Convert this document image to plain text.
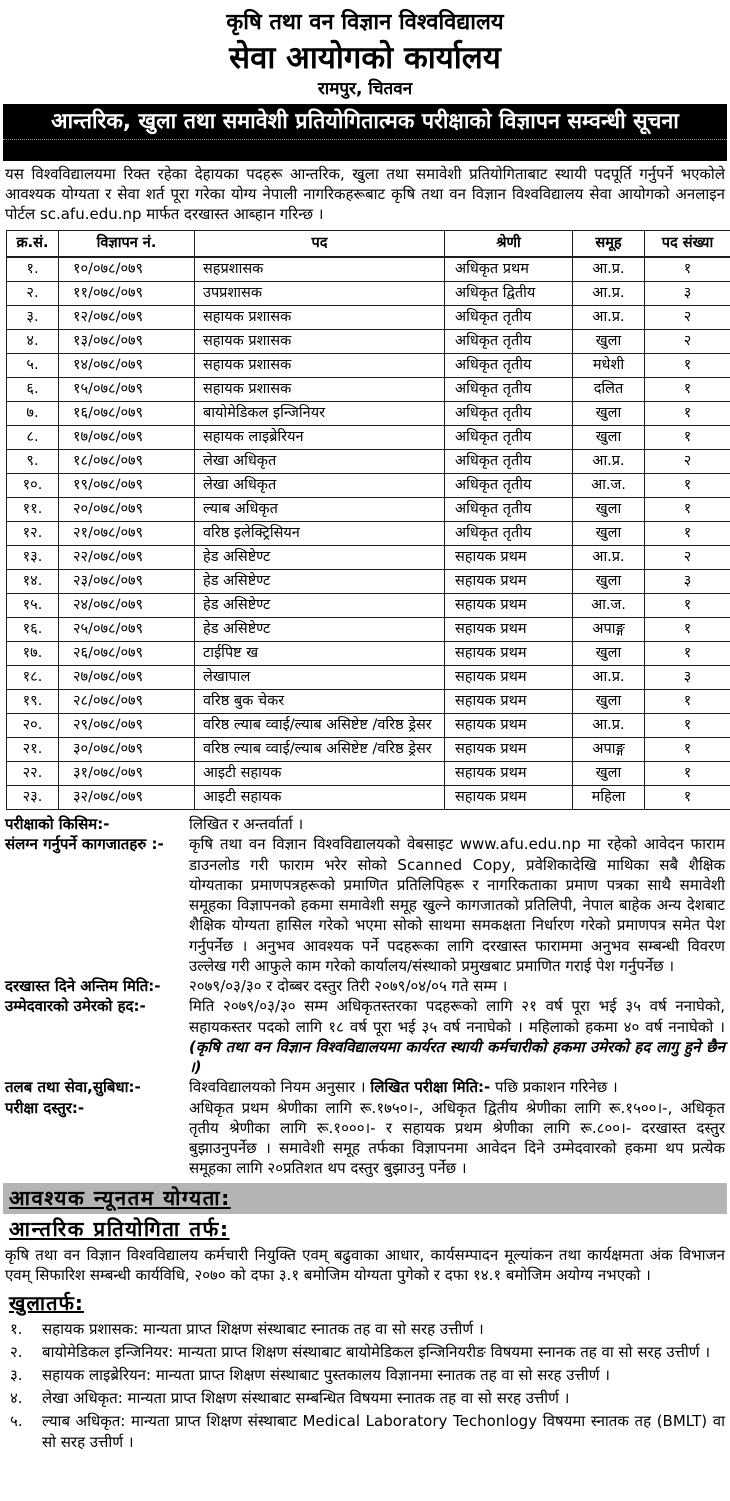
कृषि तथा वन विज्ञान विश्वविद्यालय
सेवा आयोगको कार्यालय
रामपुर, चितवन
आन्तरिक, खुला तथा समावेशी प्रतियोगितात्मक परीक्षाको विज्ञापन सम्वन्धी सूचना
यस विश्वविद्यालयमा रिक्त रहेका देहायका पदहरू आन्तरिक, खुला तथा समावेशी प्रतियोगिताबाट स्थायी पदपूर्ति गर्नुपर्ने भएकोले आवश्यक योग्यता र सेवा शर्त पूरा गरेका योग्य नेपाली नागरिकहरूबाट कृषि तथा वन विज्ञान विश्वविद्यालय सेवा आयोगको अनलाइन पोर्टल sc.afu.edu.np मार्फत दरखास्त आब्हान गरिन्छ ।
क्र.सं.	विज्ञापन नं.	पद	श्रेणी	समूह	पद संख्या
१.	१०/०७८/०७९	सहप्रशासक	अधिकृत प्रथम	आ.प्र.	१
२.	११/०७८/०७९	उपप्रशासक	अधिकृत द्वितीय	आ.प्र.	३
३.	१२/०७८/०७९	सहायक प्रशासक	अधिकृत तृतीय	आ.प्र.	२
४.	१३/०७८/०७९	सहायक प्रशासक	अधिकृत तृतीय	खुला	२
५.	१४/०७८/०७९	सहायक प्रशासक	अधिकृत तृतीय	मधेशी	१
६.	१५/०७८/०७९	सहायक प्रशासक	अधिकृत तृतीय	दलित	१
७.	१६/०७८/०७९	बायोमेडिकल इन्जिनियर	अधिकृत तृतीय	खुला	१
८.	१७/०७८/०७९	सहायक लाइब्रेरियन	अधिकृत तृतीय	खुला	१
९.	१८/०७८/०७९	लेखा अधिकृत	अधिकृत तृतीय	आ.प्र.	२
१०.	१९/०७८/०७९	लेखा अधिकृत	अधिकृत तृतीय	आ.ज.	१
११.	२०/०७८/०७९	ल्याब अधिकृत	अधिकृत तृतीय	खुला	१
१२.	२१/०७८/०७९	वरिष्ठ इलेक्ट्रिसियन	अधिकृत तृतीय	खुला	१
१३.	२२/०७८/०७९	हेड असिष्टेण्ट	सहायक प्रथम	आ.प्र.	२
१४.	२३/०७८/०७९	हेड असिष्टेण्ट	सहायक प्रथम	खुला	३
१५.	२४/०७८/०७९	हेड असिष्टेण्ट	सहायक प्रथम	आ.ज.	१
१६.	२५/०७८/०७९	हेड असिष्टेण्ट	सहायक प्रथम	अपाङ्ग	१
१७.	२६/०७८/०७९	टाईपिष्ट ख	सहायक प्रथम	खुला	१
१८.	२७/०७८/०७९	लेखापाल	सहायक प्रथम	आ.प्र.	३
१९.	२८/०७८/०७९	वरिष्ठ बुक चेकर	सहायक प्रथम	खुला	१
२०.	२९/०७८/०७९	वरिष्ठ ल्याब व्वाई/ल्याब असिष्टेष्ट /वरिष्ठ ड्रेसर	सहायक प्रथम	आ.प्र.	१
२१.	३०/०७८/०७९	वरिष्ठ ल्याब व्वाई/ल्याब असिष्टेष्ट /वरिष्ठ ड्रेसर	सहायक प्रथम	अपाङ्ग	१
२२.	३१/०७८/०७९	आइटी सहायक	सहायक प्रथम	खुला	१
२३.	३२/०७८/०७९	आइटी सहायक	सहायक प्रथम	महिला	१
परीक्षाको किसिम:-	लिखित र अन्तर्वार्ता ।
संलग्न गर्नुपर्ने कागजातहरु :-	कृषि तथा वन विज्ञान विश्वविद्यालयको वेबसाइट www.afu.edu.np मा रहेको आवेदन फाराम डाउनलोड गरी फाराम भरेर सोको Scanned Copy, प्रवेशिकादेखि माथिका सबै शैक्षिक योग्यताका प्रमाणपत्रहरूको प्रमाणित प्रतिलिपिहरू र नागरिकताका प्रमाण पत्रका साथै समावेशी समूहका विज्ञापनको हकमा समावेशी समूह खुल्ने कागजातको प्रतिलिपी, नेपाल बाहेक अन्य देशबाट शैक्षिक योग्यता हासिल गरेको भएमा सोको साथमा समकक्षता निर्धारण गरेको प्रमाणपत्र समेत पेश गर्नुपर्नेछ । अनुभव आवश्यक पर्ने पदहरूका लागि दरखास्त फाराममा अनुभव सम्बन्धी विवरण उल्लेख गरी आफुले काम गरेको कार्यालय/संस्थाको प्रमुखबाट प्रमाणित गराई पेश गर्नुपर्नेछ ।
दरखास्त दिने अन्तिम मिति:-	२०७९/०३/३० र दोब्बर दस्तुर तिरी २०७९/०४/०५ गते सम्म ।
उम्मेदवारको उमेरको हद:-	मिति २०७९/०३/३० सम्म अधिकृतस्तरका पदहरूको लागि २१ वर्ष पूरा भई ३५ वर्ष ननाघेको, सहायकस्तर पदको लागि १८ वर्ष पूरा भई ३५ वर्ष ननाघेको । महिलाको हकमा ४० वर्ष ननाघेको । (कृषि तथा वन विज्ञान विश्वविद्यालयमा कार्यरत स्थायी कर्मचारीको हकमा उमेरको हद लागु हुने छैन ।)
तलब तथा सेवा,सुबिधा:-	विश्वविद्यालयको नियम अनुसार । लिखित परीक्षा मिति:- पछि प्रकाशन गरिनेछ ।
परीक्षा दस्तुर:-	अधिकृत प्रथम श्रेणीका लागि रू.१७५०।-, अधिकृत द्वितीय श्रेणीका लागि रू.१५००।-, अधिकृत तृतीय श्रेणीका लागि रू.१०००।- र सहायक प्रथम श्रेणीका लागि रू.८००।- दरखास्त दस्तुर बुझाउनुपर्नेछ । समावेशी समूह तर्फका विज्ञापनमा आवेदन दिने उम्मेदवारको हकमा थप प्रत्येक समूहका लागि २०प्रतिशत थप दस्तुर बुझाउनु पर्नेछ ।
आवश्यक न्यूनतम योग्यता:
आन्तरिक प्रतियोगिता तर्फ:
कृषि तथा वन विज्ञान विश्वविद्यालय कर्मचारी नियुक्ति एवम् बढुवाका आधार, कार्यसम्पादन मूल्यांकन तथा कार्यक्षमता अंक विभाजन एवम् सिफारिश सम्बन्धी कार्यविधि, २०७० को दफा ३.१ बमोजिम योग्यता पुगेको र दफा १४.१ बमोजिम अयोग्य नभएको ।
खुलातर्फ:
१.	सहायक प्रशासक: मान्यता प्राप्त शिक्षण संस्थाबाट स्नातक तह वा सो सरह उत्तीर्ण ।
२.	बायोमेडिकल इन्जिनियर: मान्यता प्राप्त शिक्षण संस्थाबाट बायोमेडिकल इन्जिनियरीङ विषयमा स्नानक तह वा सो सरह उत्तीर्ण ।
३.	सहायक लाइब्रेरियन: मान्यता प्राप्त शिक्षण संस्थाबाट पुस्तकालय विज्ञानमा स्नातक तह वा सो सरह उत्तीर्ण ।
४.	लेखा अधिकृत: मान्यता प्राप्त शिक्षण संस्थाबाट सम्बन्धित विषयमा स्नातक तह वा सो सरह उत्तीर्ण ।
५.	ल्याब अधिकृत: मान्यता प्राप्त शिक्षण संस्थाबाट Medical Laboratory Techonlogy विषयमा स्नातक तह (BMLT) वा सो सरह उत्तीर्ण ।
